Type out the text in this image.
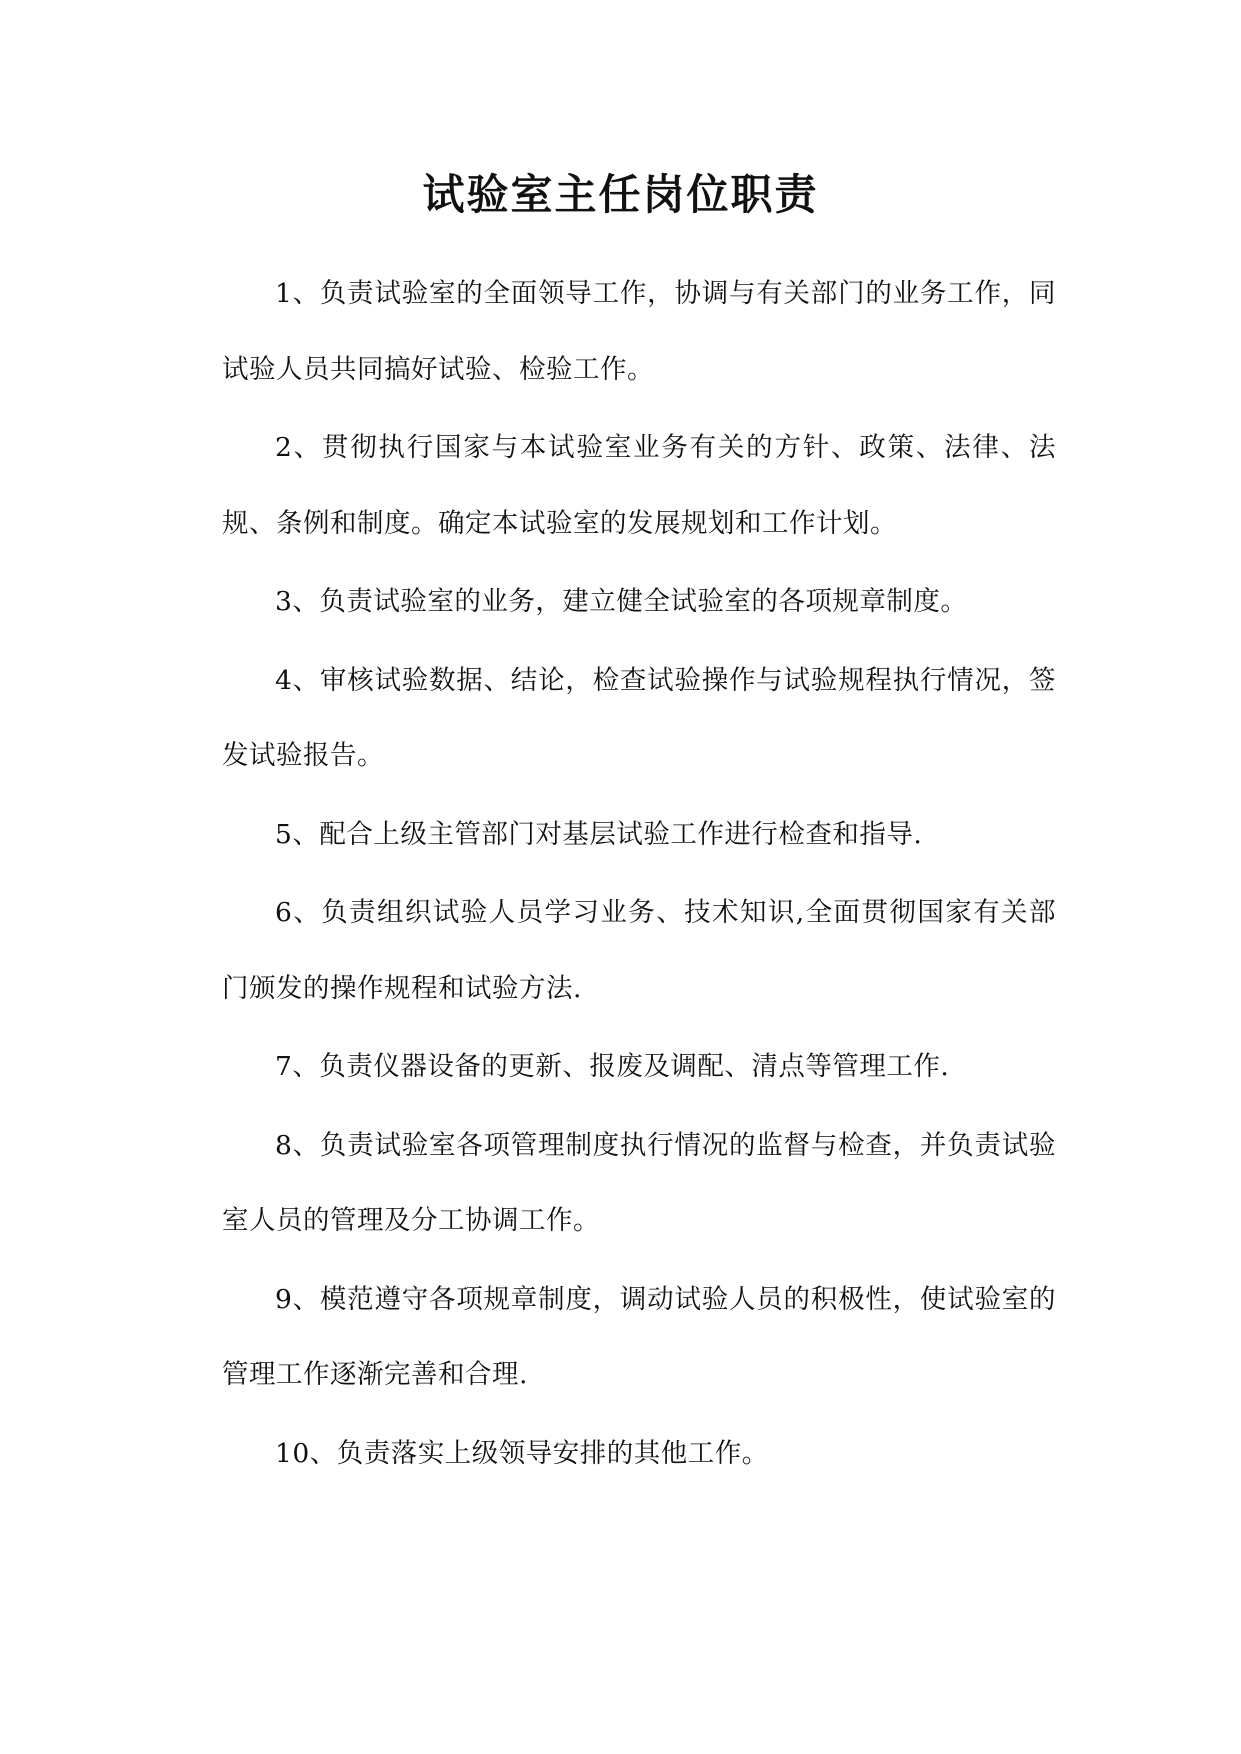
试验室主任岗位职责

1、负责试验室的全面领导工作，协调与有关部门的业务工作，同试验人员共同搞好试验、检验工作。

2、贯彻执行国家与本试验室业务有关的方针、政策、法律、法规、条例和制度。确定本试验室的发展规划和工作计划。

3、负责试验室的业务，建立健全试验室的各项规章制度。

4、审核试验数据、结论，检查试验操作与试验规程执行情况，签发试验报告。

5、配合上级主管部门对基层试验工作进行检查和指导.

6、负责组织试验人员学习业务、技术知识,全面贯彻国家有关部门颁发的操作规程和试验方法.

7、负责仪器设备的更新、报废及调配、清点等管理工作.

8、负责试验室各项管理制度执行情况的监督与检查，并负责试验室人员的管理及分工协调工作。

9、模范遵守各项规章制度，调动试验人员的积极性，使试验室的管理工作逐渐完善和合理.

10、负责落实上级领导安排的其他工作。
